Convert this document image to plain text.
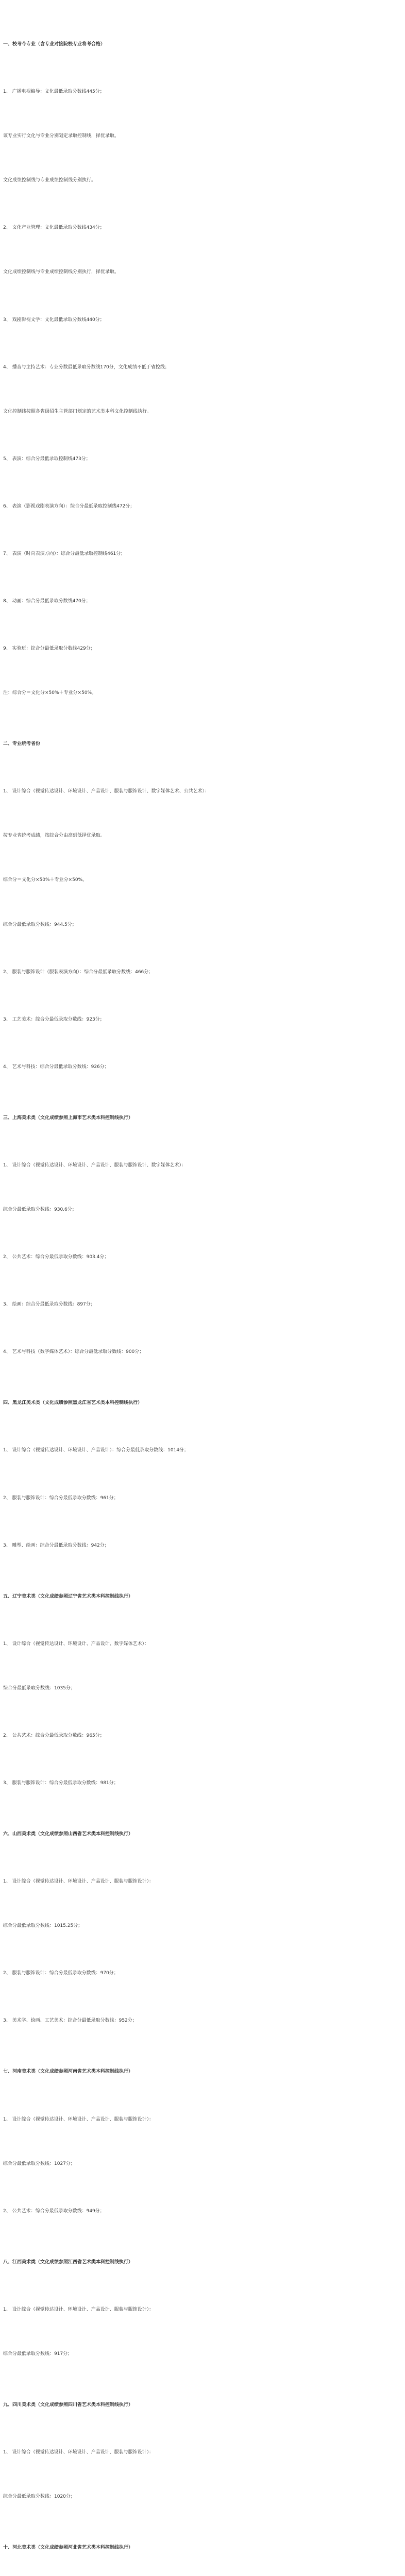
一、校考今专业（含专业对接院校专业将考合格）
1、 广播电视编导：文化最低录取分数线445分；
该专业实行文化与专业分别划定录取控制线，择优录取。
文化成绩控制线与专业成绩控制线分别执行。
2、 文化产业管理：文化最低录取分数线434分；
文化成绩控制线与专业成绩控制线分别执行，择优录取。
3、 戏剧影视文学：文化最低录取分数线440分；
4、 播音与主持艺术：专业分数最低录取分数线170分，文化成绩不低于省控线；
文化控制线按照各省级招生主管部门划定的艺术类本科文化控制线执行。
5、 表演：综合分最低录取控制线473分；
6、 表演（影视戏剧表演方向）：综合分最低录取控制线472分；
7、 表演（时尚表演方向）：综合分最低录取控制线461分；
8、 动画：综合分最低录取分数线470分；
9、 实验班：综合分最低录取分数线429分；
注：综合分＝文化分×50%＋专业分×50%。
二、专业统考省份
1、 设计综合（视觉传达设计、环境设计、产品设计、服装与服饰设计、数字媒体艺术、公共艺术）：
按专业省统考成绩，按综合分由高到低择优录取。
综合分＝文化分×50%＋专业分×50%。
综合分最低录取分数线：944.5分；
2、 服装与服饰设计（服装表演方向）：综合分最低录取分数线：466分；
3、 工艺美术：综合分最低录取分数线：923分；
4、 艺术与科技：综合分最低录取分数线：926分；
三、上海美术类（文化成绩参照上海市艺术类本科控制线执行）
1、 设计综合（视觉传达设计、环境设计、产品设计、服装与服饰设计、数字媒体艺术）：
综合分最低录取分数线：930.6分；
2、 公共艺术：综合分最低录取分数线：903.4分；
3、 绘画：综合分最低录取分数线：897分；
4、 艺术与科技（数字媒体艺术）：综合分最低录取分数线：900分；
四、黑龙江美术类（文化成绩参照黑龙江省艺术类本科控制线执行）
1、 设计综合（视觉传达设计、环境设计、产品设计）：综合分最低录取分数线：1014分；
2、 服装与服饰设计：综合分最低录取分数线：961分；
3、 雕塑、绘画：综合分最低录取分数线：942分；
五、辽宁美术类（文化成绩参照辽宁省艺术类本科控制线执行）
1、 设计综合（视觉传达设计、环境设计、产品设计、数字媒体艺术）：
综合分最低录取分数线：1035分；
2、 公共艺术：综合分最低录取分数线：965分；
3、 服装与服饰设计：综合分最低录取分数线：981分；
六、山西美术类（文化成绩参照山西省艺术类本科控制线执行）
1、 设计综合（视觉传达设计、环境设计、产品设计、服装与服饰设计）：
综合分最低录取分数线：1015.25分；
2、 服装与服饰设计：综合分最低录取分数线：970分；
3、 美术学、绘画、工艺美术：综合分最低录取分数线：952分；
七、河南美术类（文化成绩参照河南省艺术类本科控制线执行）
1、 设计综合（视觉传达设计、环境设计、产品设计、服装与服饰设计）：
综合分最低录取分数线：1027分；
2、 公共艺术：综合分最低录取分数线：949分；
八、江西美术类（文化成绩参照江西省艺术类本科控制线执行）
1、 设计综合（视觉传达设计、环境设计、产品设计、服装与服饰设计）：
综合分最低录取分数线：917分；
九、四川美术类（文化成绩参照四川省艺术类本科控制线执行）
1、 设计综合（视觉传达设计、环境设计、产品设计、服装与服饰设计）：
综合分最低录取分数线：1020分；
十、河北美术类（文化成绩参照河北省艺术类本科控制线执行）
